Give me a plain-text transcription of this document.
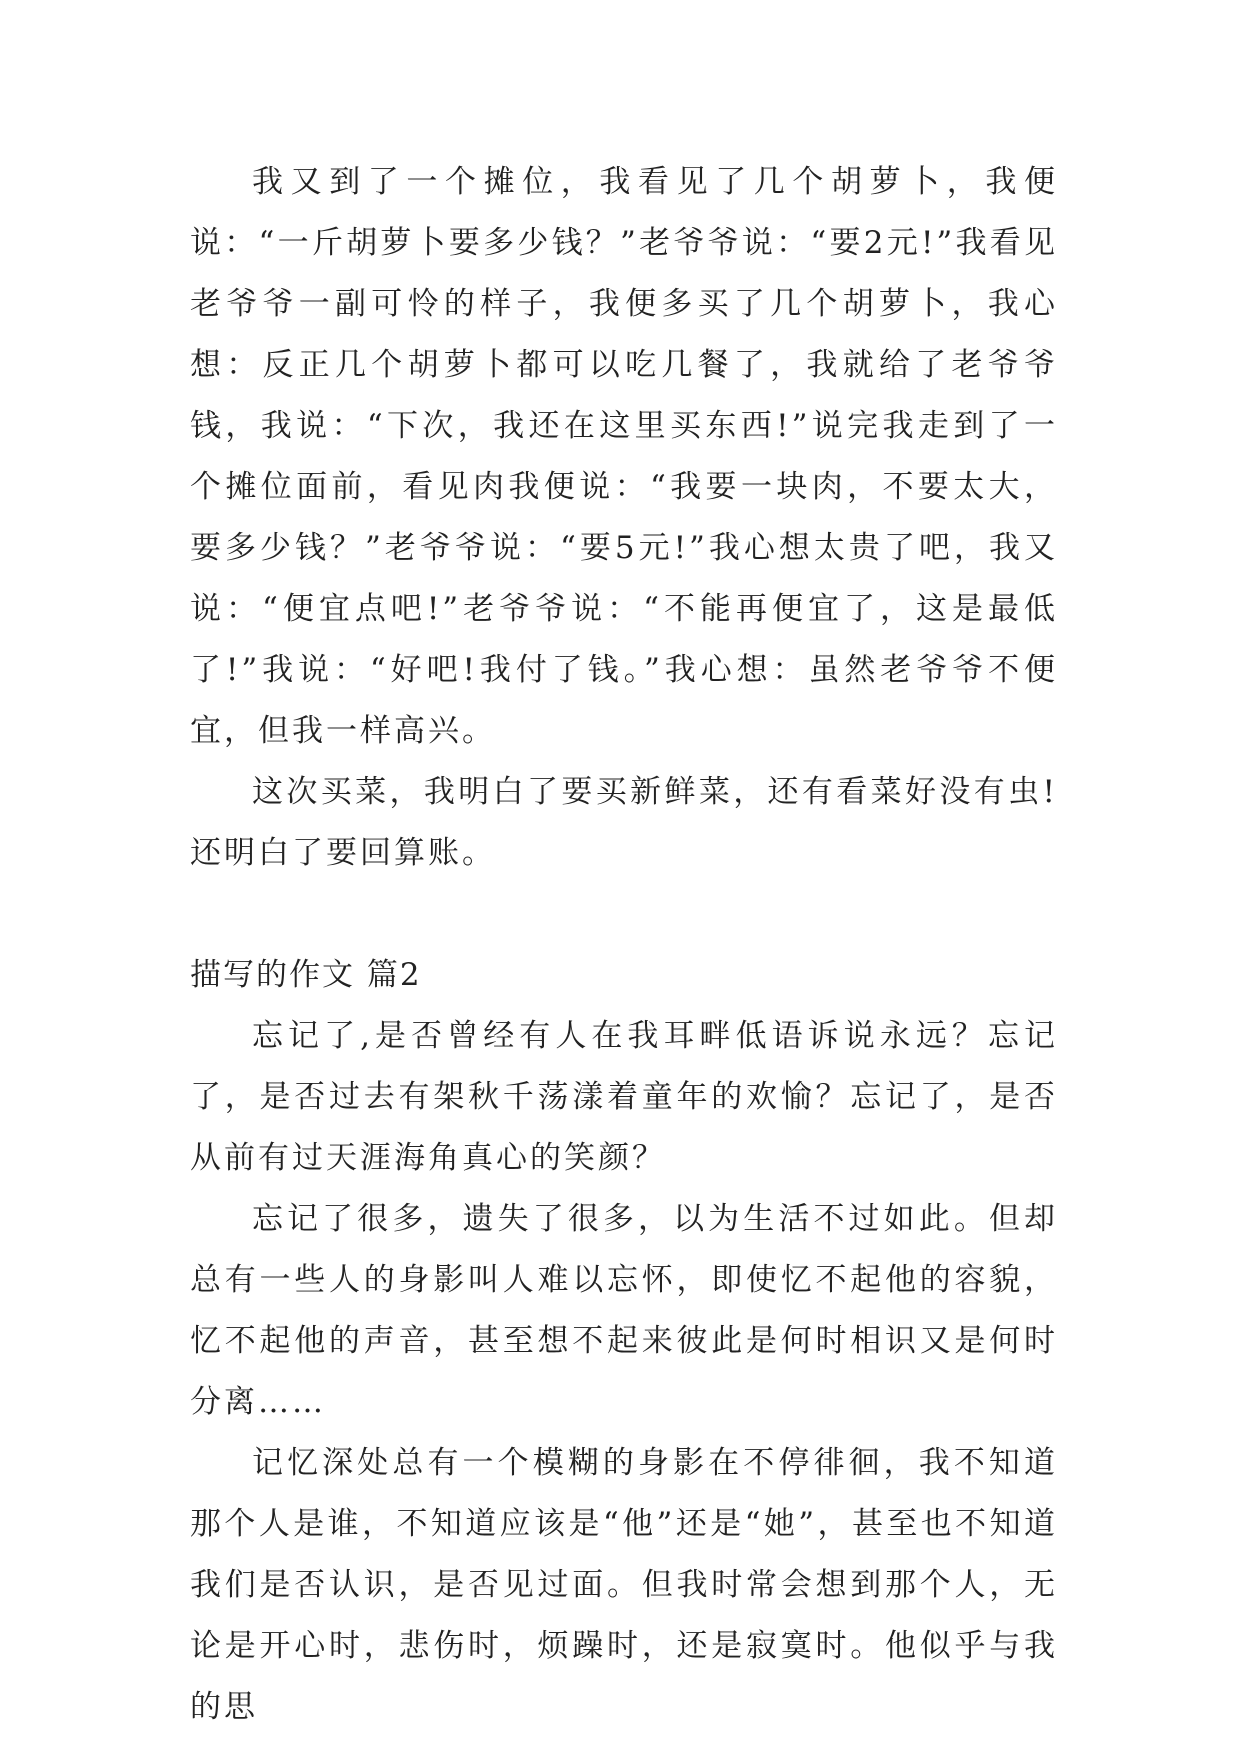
我又到了一个摊位，我看见了几个胡萝卜，我便说：“一斤胡萝卜要多少钱？”老爷爷说：“要2元!”我看见老爷爷一副可怜的样子，我便多买了几个胡萝卜，我心想：反正几个胡萝卜都可以吃几餐了，我就给了老爷爷钱，我说：“下次，我还在这里买东西!”说完我走到了一个摊位面前，看见肉我便说：“我要一块肉，不要太大，要多少钱？”老爷爷说：“要5元!”我心想太贵了吧，我又说：“便宜点吧!”老爷爷说：“不能再便宜了，这是最低了!”我说：“好吧!我付了钱。”我心想：虽然老爷爷不便宜，但我一样高兴。

这次买菜，我明白了要买新鲜菜，还有看菜好没有虫!还明白了要回算账。

描写的作文 篇2

忘记了,是否曾经有人在我耳畔低语诉说永远？忘记了，是否过去有架秋千荡漾着童年的欢愉？忘记了，是否从前有过天涯海角真心的笑颜？

忘记了很多，遗失了很多，以为生活不过如此。但却总有一些人的身影叫人难以忘怀，即使忆不起他的容貌，忆不起他的声音，甚至想不起来彼此是何时相识又是何时分离……

记忆深处总有一个模糊的身影在不停徘徊，我不知道那个人是谁，不知道应该是“他”还是“她”，甚至也不知道我们是否认识，是否见过面。但我时常会想到那个人，无论是开心时，悲伤时，烦躁时，还是寂寞时。他似乎与我的思
